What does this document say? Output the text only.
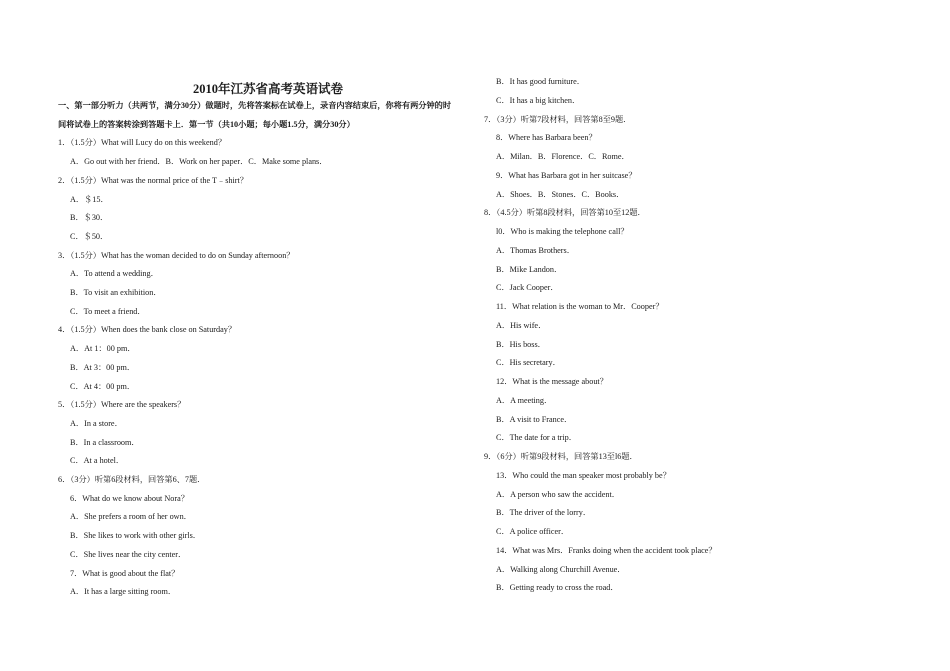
2010年江苏省高考英语试卷
一、第一部分听力（共两节，满分30分）做题时，先将答案标在试卷上，录音内容结束后，你将有两分钟的时
间将试卷上的答案转涂到答题卡上．第一节（共10小题；每小题1.5分，满分30分）
1．（1.5分）What will Lucy do on this weekend？
A．Go out with her friend．B．Work on her paper．C．Make some plans．
2．（1.5分）What was the normal price of the T﹣shirt？
A．＄15．
B．＄30．
C．＄50．
3．（1.5分）What has the woman decided to do on Sunday afternoon？
A．To attend a wedding．
B．To visit an exhibition．
C．To meet a friend．
4．（1.5分）When does the bank close on Saturday？
A．At 1：00 pm．
B．At 3：00 pm．
C．At 4：00 pm．
5．（1.5分）Where are the speakers？
A．In a store．
B．In a classroom．
C．At a hotel．
6．（3分）听第6段材料，回答第6、7题．
6．What do we know about Nora？
A．She prefers a room of her own．
B．She likes to work with other girls．
C．She lives near the city center．
7．What is good about the flat？
A．It has a large sitting room．
B．It has good furniture．
C．It has a big kitchen．
7．（3分）听第7段材料，回答第8至9题．
8．Where has Barbara been？
A．Milan．B．Florence．C．Rome．
9．What has Barbara got in her suitcase？
A．Shoes．B．Stones．C．Books．
8．（4.5分）听第8段材料，回答第10至12题．
l0．Who is making the telephone call？
A．Thomas Brothers．
B．Mike Landon．
C．Jack Cooper．
11．What relation is the woman to Mr．Cooper？
A．His wife．
B．His boss．
C．His secretary．
12．What is the message about？
A．A meeting．
B．A visit to France．
C．The date for a trip．
9．（6分）听第9段材料，回答第13至l6题．
13．Who could the man speaker most probably be？
A．A person who saw the accident．
B．The driver of the lorry．
C．A police officer．
14．What was Mrs．Franks doing when the accident took place？
A．Walking along Churchill Avenue．
B．Getting ready to cross the road．
